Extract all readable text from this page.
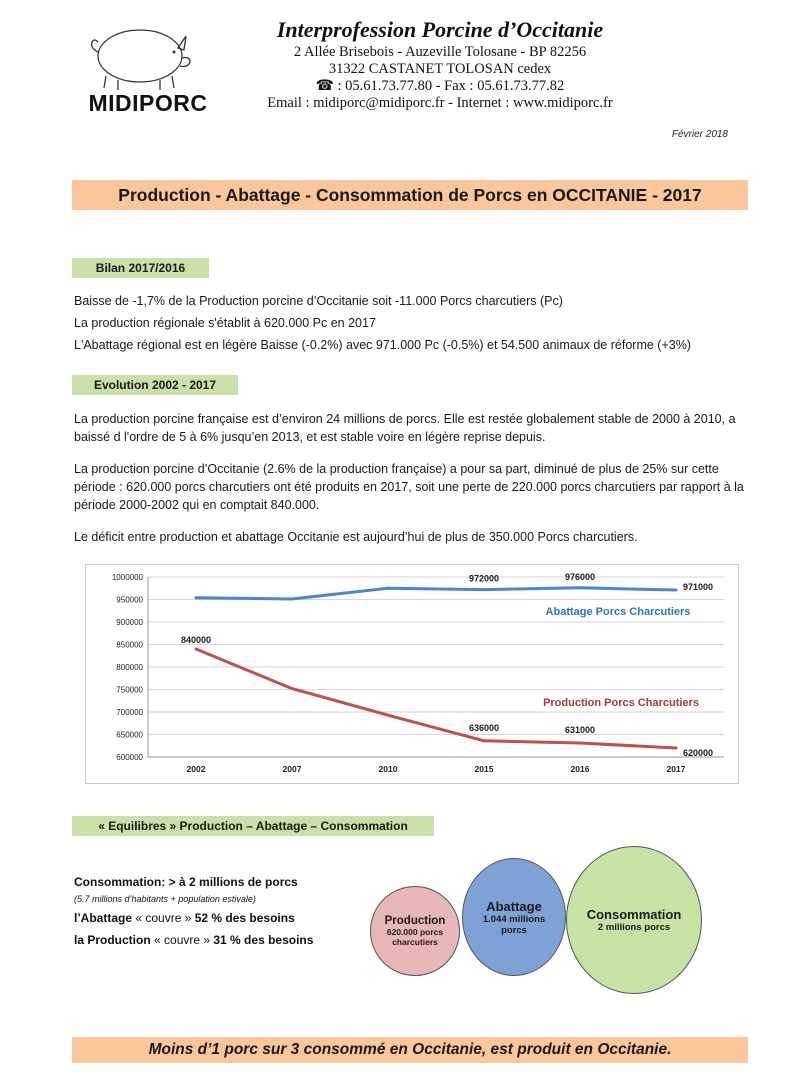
MIDIPORC
Interprofession Porcine d’Occitanie
2 Allée Brisebois - Auzeville Tolosane - BP 82256
31322 CASTANET TOLOSAN cedex
☎ : 05.61.73.77.80 - Fax : 05.61.73.77.82
Email : midiporc@midiporc.fr - Internet : www.midiporc.fr
Février 2018
Production - Abattage - Consommation de Porcs en OCCITANIE - 2017
Bilan 2017/2016
Baisse de -1,7% de la Production porcine d’Occitanie soit -11.000 Porcs charcutiers (Pc)
La production régionale s'établit à 620.000 Pc en 2017
L'Abattage régional est en légère Baisse (-0.2%) avec 971.000 Pc (-0.5%) et 54.500 animaux de réforme (+3%)
Evolution 2002 - 2017
La production porcine française est d’environ 24 millions de porcs. Elle est restée globalement stable de 2000 à 2010, a baissé d l'ordre de 5 à 6% jusqu’en 2013, et est stable voire en légère reprise depuis.
La production porcine d’Occitanie (2.6% de la production française) a pour sa part, diminué de plus de 25% sur cette période : 620.000 porcs charcutiers ont été produits en 2017, soit une perte de 220.000 porcs charcutiers par rapport à la période 2000-2002 qui en comptait 840.000.
Le déficit entre production et abattage Occitanie est aujourd’hui de plus de 350.000 Porcs charcutiers.
600000
650000
700000
750000
800000
850000
900000
950000
1000000
2002	2007	2010	2015	2016	2017
972000	976000
971000
840000
636000	631000
620000
Abattage Porcs Charcutiers
Production Porcs Charcutiers
« Equilibres » Production – Abattage – Consommation
Consommation: > à 2 millions de porcs
(5.7 millions d’habitants + population estivale)
l’Abattage « couvre » 52 % des besoins
la Production « couvre » 31 % des besoins
Production
620.000 porcs charcutiers
Abattage
1.044 millions porcs
Consommation
2 millions porcs
Moins d’1 porc sur 3 consommé en Occitanie, est produit en Occitanie.
